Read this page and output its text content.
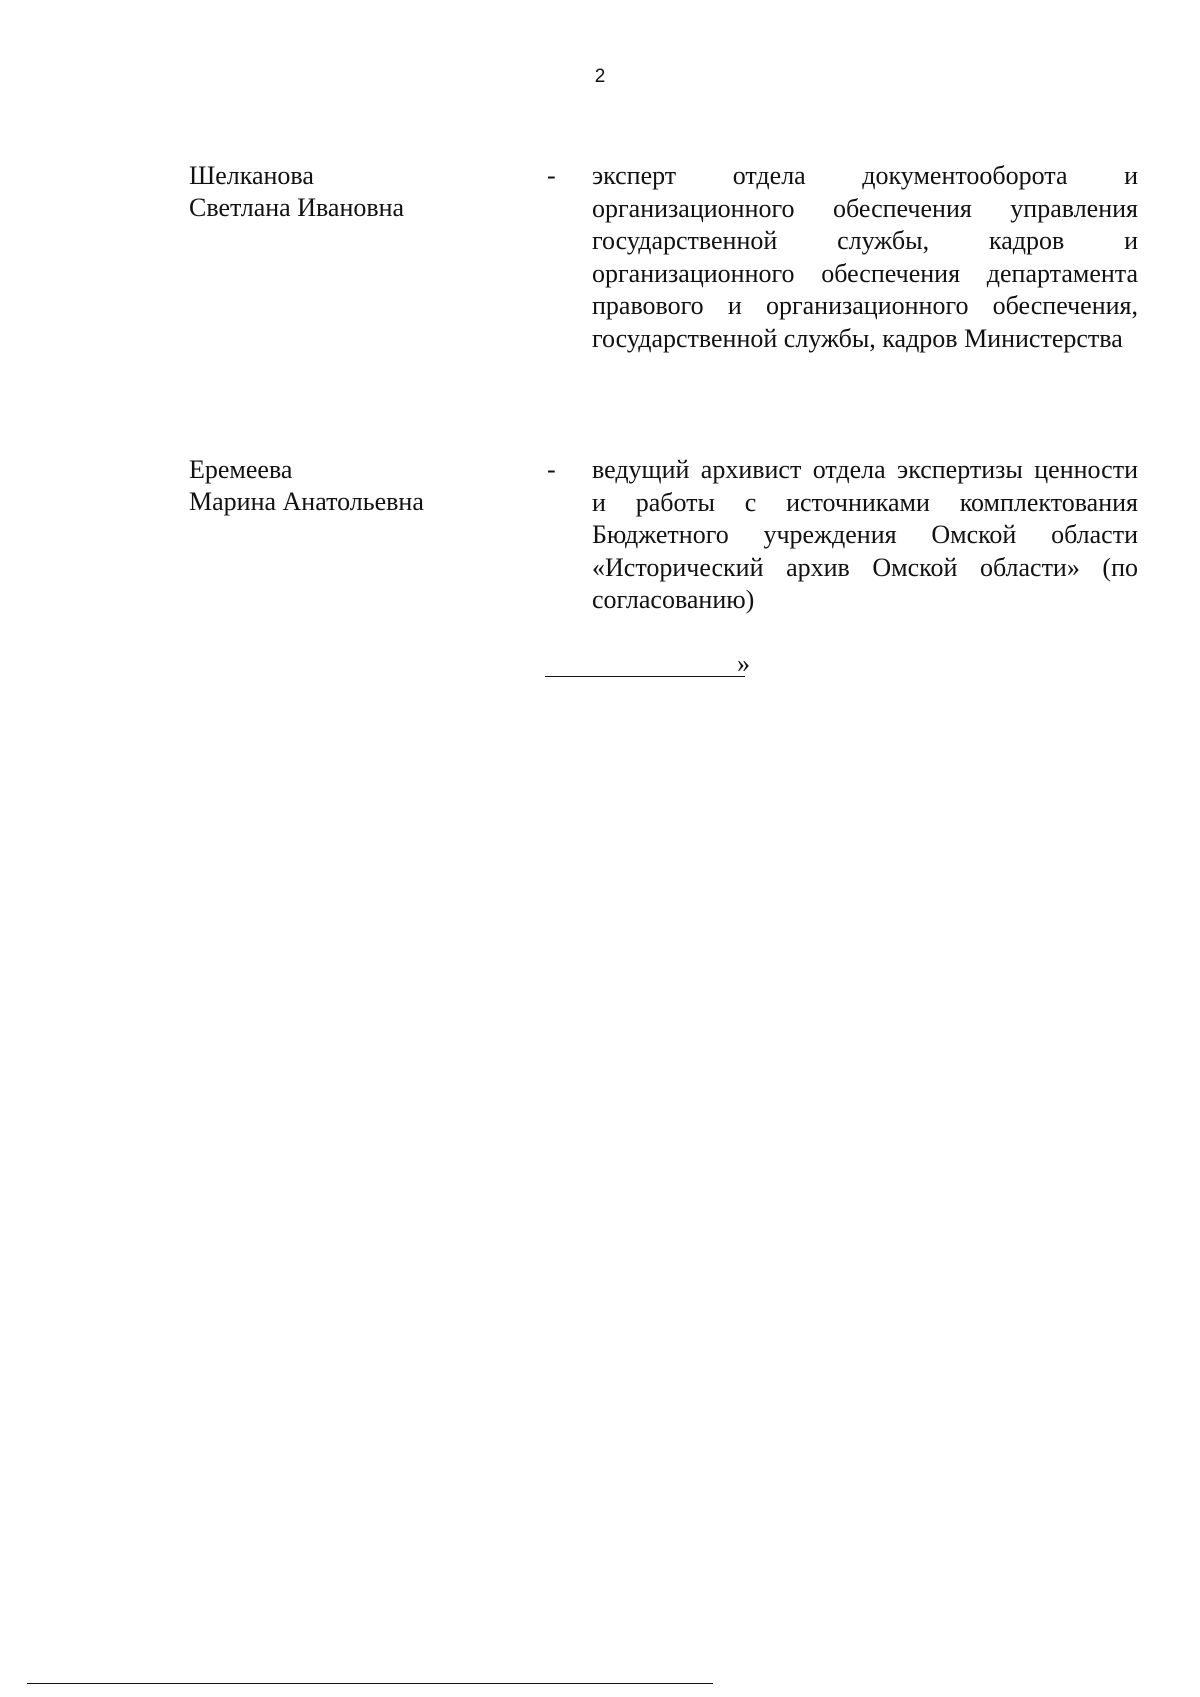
2
Шелканова
Светлана Ивановна
- эксперт отдела документооборота и организационного обеспечения управления государственной службы, кадров и организационного обеспечения департамента правового и организационного обеспечения, государственной службы, кадров Министерства
Еремеева
Марина Анатольевна
- ведущий архивист отдела экспертизы ценности и работы с источниками комплектования Бюджетного учреждения Омской области «Исторический архив Омской области» (по согласованию)
»
